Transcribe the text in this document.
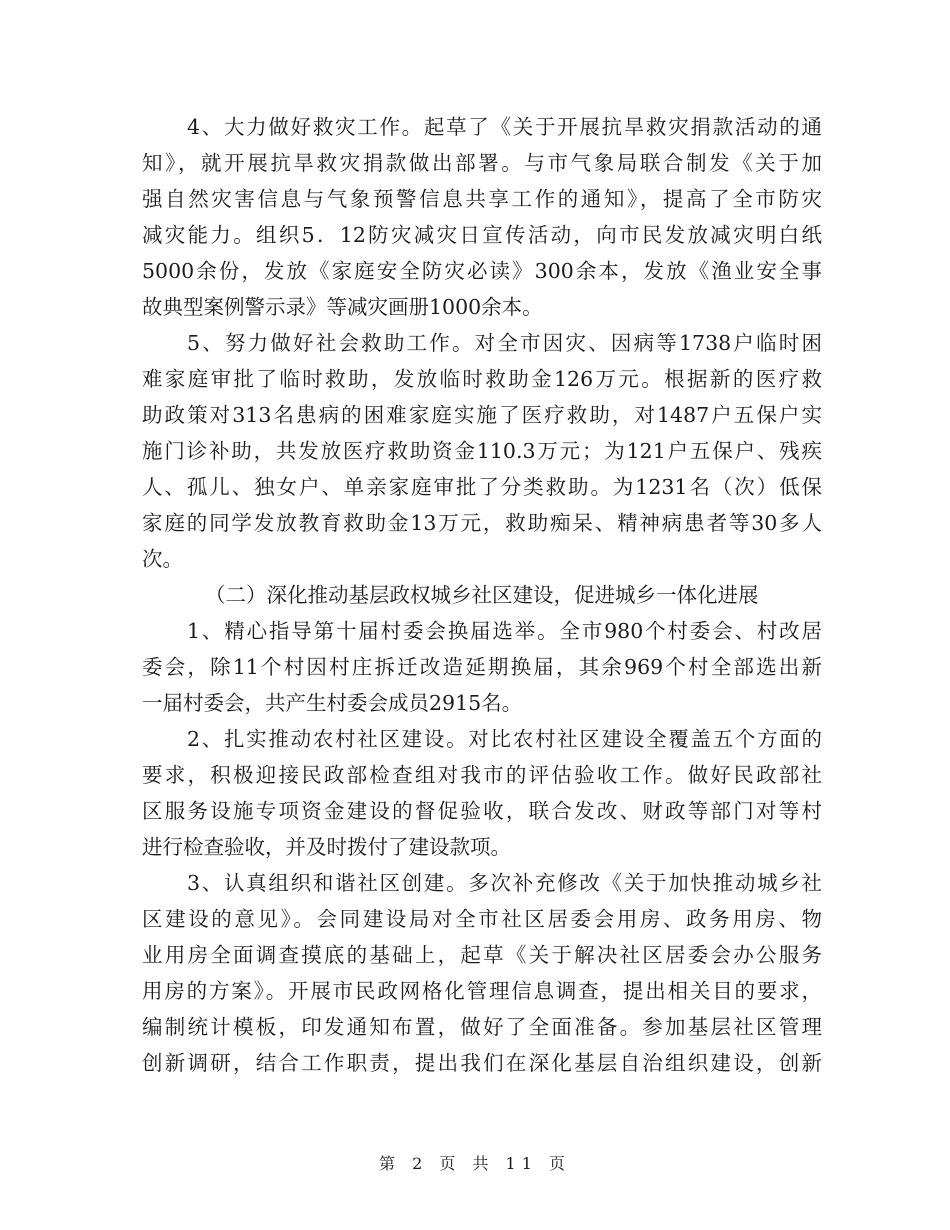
4、大力做好救灾工作。起草了《关于开展抗旱救灾捐款活动的通
知》，就开展抗旱救灾捐款做出部署。与市气象局联合制发《关于加
强自然灾害信息与气象预警信息共享工作的通知》，提高了全市防灾
减灾能力。组织5．12防灾减灾日宣传活动，向市民发放减灾明白纸
5000余份，发放《家庭安全防灾必读》300余本，发放《渔业安全事
故典型案例警示录》等减灾画册1000余本。
5、努力做好社会救助工作。对全市因灾、因病等1738户临时困
难家庭审批了临时救助，发放临时救助金126万元。根据新的医疗救
助政策对313名患病的困难家庭实施了医疗救助，对1487户五保户实
施门诊补助，共发放医疗救助资金110.3万元；为121户五保户、残疾
人、孤儿、独女户、单亲家庭审批了分类救助。为1231名（次）低保
家庭的同学发放教育救助金13万元，救助痴呆、精神病患者等30多人
次。
（二）深化推动基层政权城乡社区建设，促进城乡一体化进展
1、精心指导第十届村委会换届选举。全市980个村委会、村改居
委会，除11个村因村庄拆迁改造延期换届，其余969个村全部选出新
一届村委会，共产生村委会成员2915名。
2、扎实推动农村社区建设。对比农村社区建设全覆盖五个方面的
要求，积极迎接民政部检查组对我市的评估验收工作。做好民政部社
区服务设施专项资金建设的督促验收，联合发改、财政等部门对等村
进行检查验收，并及时拨付了建设款项。
3、认真组织和谐社区创建。多次补充修改《关于加快推动城乡社
区建设的意见》。会同建设局对全市社区居委会用房、政务用房、物
业用房全面调查摸底的基础上，起草《关于解决社区居委会办公服务
用房的方案》。开展市民政网格化管理信息调查，提出相关目的要求，
编制统计模板，印发通知布置，做好了全面准备。参加基层社区管理
创新调研，结合工作职责，提出我们在深化基层自治组织建设，创新
第 2 页 共 11 页
